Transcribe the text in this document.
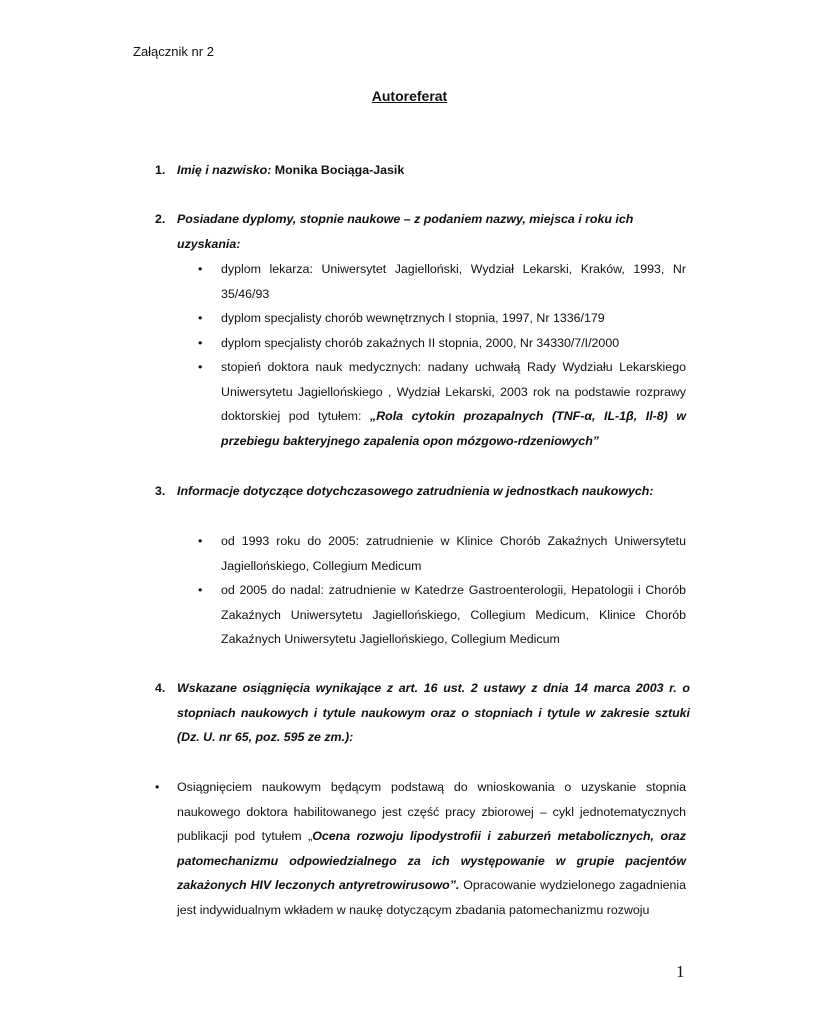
Załącznik nr 2
Autoreferat
1. Imię i nazwisko: Monika Bociąga-Jasik
2. Posiadane dyplomy, stopnie naukowe – z podaniem nazwy, miejsca i roku ich uzyskania:
• dyplom lekarza: Uniwersytet Jagielloński, Wydział Lekarski, Kraków, 1993, Nr 35/46/93
• dyplom specjalisty chorób wewnętrznych I stopnia, 1997, Nr 1336/179
• dyplom specjalisty chorób zakaźnych II stopnia, 2000, Nr 34330/7/I/2000
• stopień doktora nauk medycznych: nadany uchwałą Rady Wydziału Lekarskiego Uniwersytetu Jagiellońskiego , Wydział Lekarski, 2003 rok na podstawie rozprawy doktorskiej pod tytułem: „Rola cytokin prozapalnych (TNF-α, IL-1β, Il-8) w przebiegu bakteryjnego zapalenia opon mózgowo-rdzeniowych”
3. Informacje dotyczące dotychczasowego zatrudnienia w jednostkach naukowych:
• od 1993 roku do 2005: zatrudnienie w Klinice Chorób Zakaźnych Uniwersytetu Jagiellońskiego, Collegium Medicum
• od 2005 do nadal: zatrudnienie w Katedrze Gastroenterologii, Hepatologii i Chorób Zakaźnych Uniwersytetu Jagiellońskiego, Collegium Medicum, Klinice Chorób Zakaźnych Uniwersytetu Jagiellońskiego, Collegium Medicum
4. Wskazane osiągnięcia wynikające z art. 16 ust. 2 ustawy z dnia 14 marca 2003 r. o stopniach naukowych i tytule naukowym oraz o stopniach i tytule w zakresie sztuki (Dz. U. nr 65, poz. 595 ze zm.):
• Osiągnięciem naukowym będącym podstawą do wnioskowania o uzyskanie stopnia naukowego doktora habilitowanego jest część pracy zbiorowej – cykl jednotematycznych publikacji pod tytułem „Ocena rozwoju lipodystrofii i zaburzeń metabolicznych, oraz patomechanizmu odpowiedzialnego za ich występowanie w grupie pacjentów zakażonych HIV leczonych antyretrowirusowo”. Opracowanie wydzielonego zagadnienia jest indywidualnym wkładem w naukę dotyczącym zbadania patomechanizmu rozwoju
1
